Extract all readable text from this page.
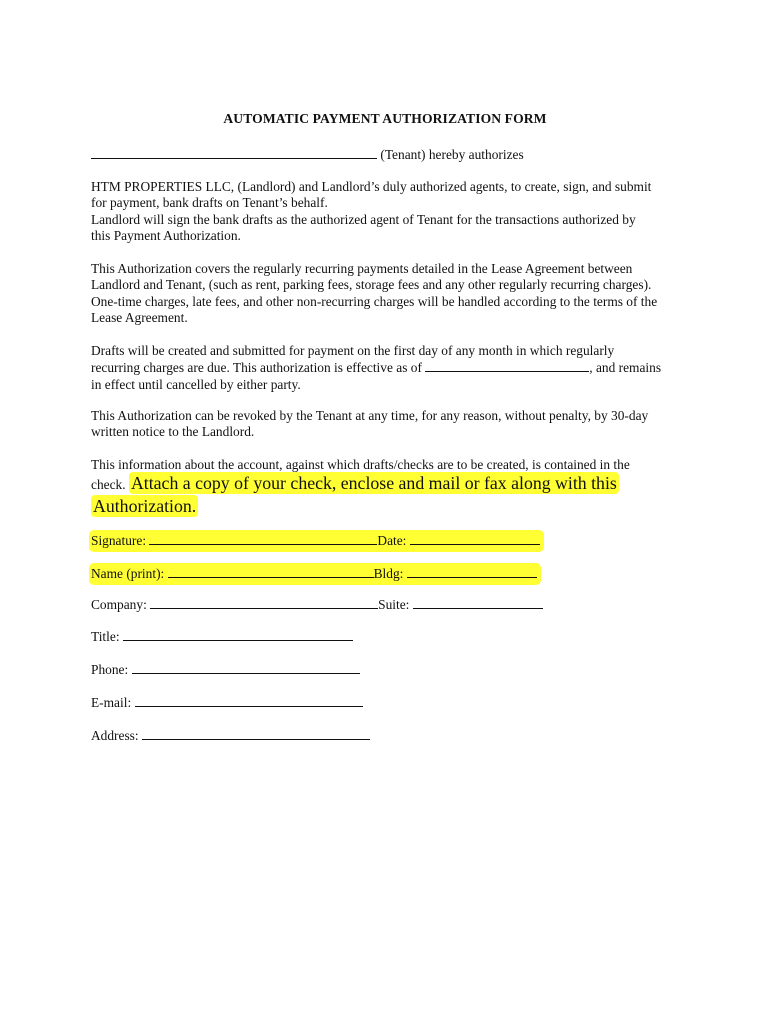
AUTOMATIC PAYMENT AUTHORIZATION FORM
(Tenant) hereby authorizes
HTM PROPERTIES LLC, (Landlord) and Landlord’s duly authorized agents, to create, sign, and submit
for payment, bank drafts on Tenant’s behalf.
Landlord will sign the bank drafts as the authorized agent of Tenant for the transactions authorized by
this Payment Authorization.
This Authorization covers the regularly recurring payments detailed in the Lease Agreement between
Landlord and Tenant, (such as rent, parking fees, storage fees and any other regularly recurring charges).
One-time charges, late fees, and other non-recurring charges will be handled according to the terms of the
Lease Agreement.
Drafts will be created and submitted for payment on the first day of any month in which regularly
recurring charges are due. This authorization is effective as of	, and remains
in effect until cancelled by either party.
This Authorization can be revoked by the Tenant at any time, for any reason, without penalty, by 30-day
written notice to the Landlord.
This information about the account, against which drafts/checks are to be created, is contained in the
check. Attach a copy of your check, enclose and mail or fax along with this
Authorization.
Signature:	Date:
Name (print):	Bldg:
Company:	Suite:
Title:
Phone:
E-mail:
Address:
